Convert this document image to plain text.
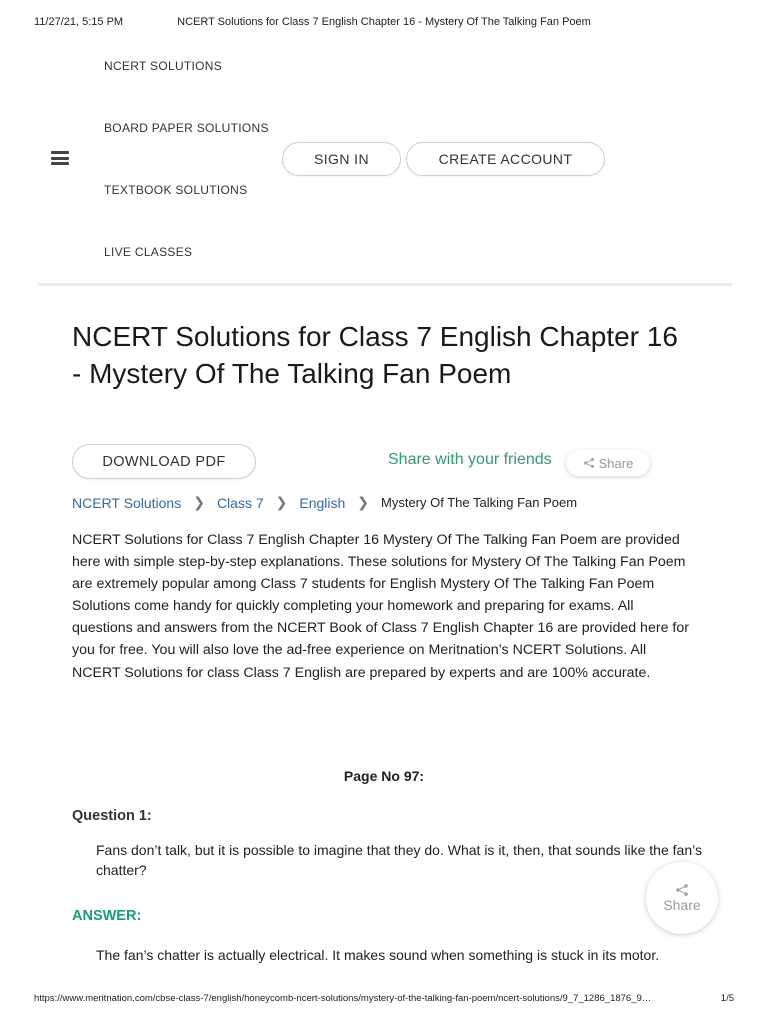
11/27/21, 5:15 PM	NCERT Solutions for Class 7 English Chapter 16 - Mystery Of The Talking Fan Poem
NCERT SOLUTIONS
BOARD PAPER SOLUTIONS
TEXTBOOK SOLUTIONS
LIVE CLASSES
SIGN IN	CREATE ACCOUNT
NCERT Solutions for Class 7 English Chapter 16 - Mystery Of The Talking Fan Poem
DOWNLOAD PDF	Share with your friends	Share
NCERT Solutions ❯ Class 7 ❯ English ❯ Mystery Of The Talking Fan Poem

NCERT Solutions for Class 7 English Chapter 16 Mystery Of The Talking Fan Poem are provided here with simple step-by-step explanations. These solutions for Mystery Of The Talking Fan Poem are extremely popular among Class 7 students for English Mystery Of The Talking Fan Poem Solutions come handy for quickly completing your homework and preparing for exams. All questions and answers from the NCERT Book of Class 7 English Chapter 16 are provided here for you for free. You will also love the ad-free experience on Meritnation’s NCERT Solutions. All NCERT Solutions for class Class 7 English are prepared by experts and are 100% accurate.

Page No 97:
Question 1:

Fans don’t talk, but it is possible to imagine that they do. What is it, then, that sounds like the fan’s chatter?

ANSWER:

The fan’s chatter is actually electrical. It makes sound when something is stuck in its motor.

Share
https://www.meritnation.com/cbse-class-7/english/honeycomb-ncert-solutions/mystery-of-the-talking-fan-poem/ncert-solutions/9_7_1286_1876_9…	1/5
